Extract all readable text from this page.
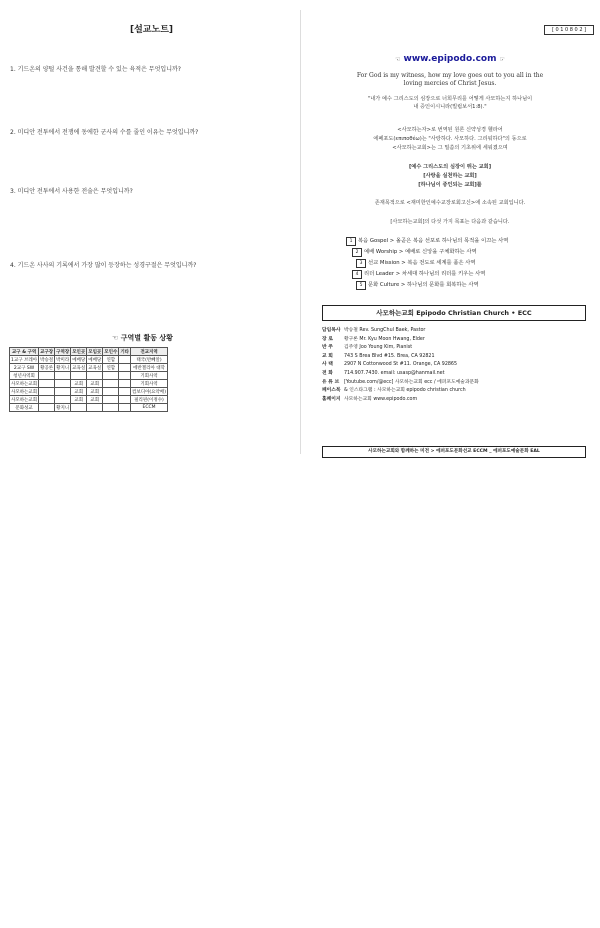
[설교노트]
1. 기드온의 양털 사건을 통해 발견할 수 있는 육적은 무엇입니까?
2. 미디안 전투에서 전쟁에 동에한 군사의 수를 줄인 이유는 무엇입니까?
3. 미디안 전투에서 사용한 전술은 무엇입니까?
4. 기드온 사사의 기록에서 가장 많이 등장하는 성경구절은 무엇입니까?
☜ 구역별 활동 상황
교구 & 구역	교구장	구역장	모인곳	모임곳	모인수	기타	전교지역
1교구 브레아	박승철	박미라	예배당	예배당	연합		태국(반빼알)
2교구 SW	황공론	황지니	교육실	교육실	연합		에반젤리아 대학
청년사역회							기회사역
사모하는교회			교회	교회			기회사역
사모하는교회			교회	교회			컴보디아(요약배)
사모하는교회			교회	교회			필리핀(이정수)
문화성교		황지니					ECCM
[ 0 1 0 8 0 2 ]
☜ www.epipodo.com ☞
For God is my witness, how my love goes out to you all in the
loving mercies of Christ Jesus.
"내가 예수 그리스도의 심장으로 너희무리를 어떻게 사모하는지 하나님이
내 증인이시니라(빌립보서1:8)."
<사모하는자>로 번역된 원론 신약성경 헬라어
에페포도(επιποθέω)는 "사랑하다. 사모하다. 그리워하다"의 동으로
<사모하는교회>는 그 밀씀의 기초위에 세워졌으며
[예수 그리스도의 심장이 뛰는 교회]
[사랑을 실천하는 교회]
[하나님이 증인되는 교회]를
존재목적으로 <재미한인예수교장로회고신>에 소속된 교회입니다.
[사모하는교회]의 다섯 가지 목표는 다음과 같습니다.
1 복음 Gospel > 올곧은 복음 선포로 하나님의 목적을 이끄는 사역
2 예배 Worship > 예배로 신앙을 구체화하는 사역
3 선교 Mission > 복음 전도로 세계를 품은 사역
4 리더 Leader > 차세대 하나님의 리더를 키우는 사역
5 문화 Culture > 하나님의 문화를 회복하는 사역
사모하는교회 Epipodo Christian Church • ECC
담임목사 박승철 Rev. SungChul Baek, Pastor
장 로 황구론 Mr. Kyu Moon Hwang, Elder
반 주 김주영 Joo Young Kim, Pianist
교 회 743 S Brea Blvd #15. Brea, CA 92821
사 택 2907 N Cottonwood St #11. Orange, CA 92865
전 화 714.907.7430. email: usasp@hanmail.net
유 튜 브 [Youtube.com/@ecc] 사모하는교회 ecc / 에퍼포도예술과문화
페이스북 & 인스타그램 : 사모하는교회 epipodo christian church
홈페이지 사모하는교회 www.epipodo.com
사모하는교회와 함께하는 미전 > 에퍼포도문화선교 ECCM _ 에퍼포도예술문화 EAL
